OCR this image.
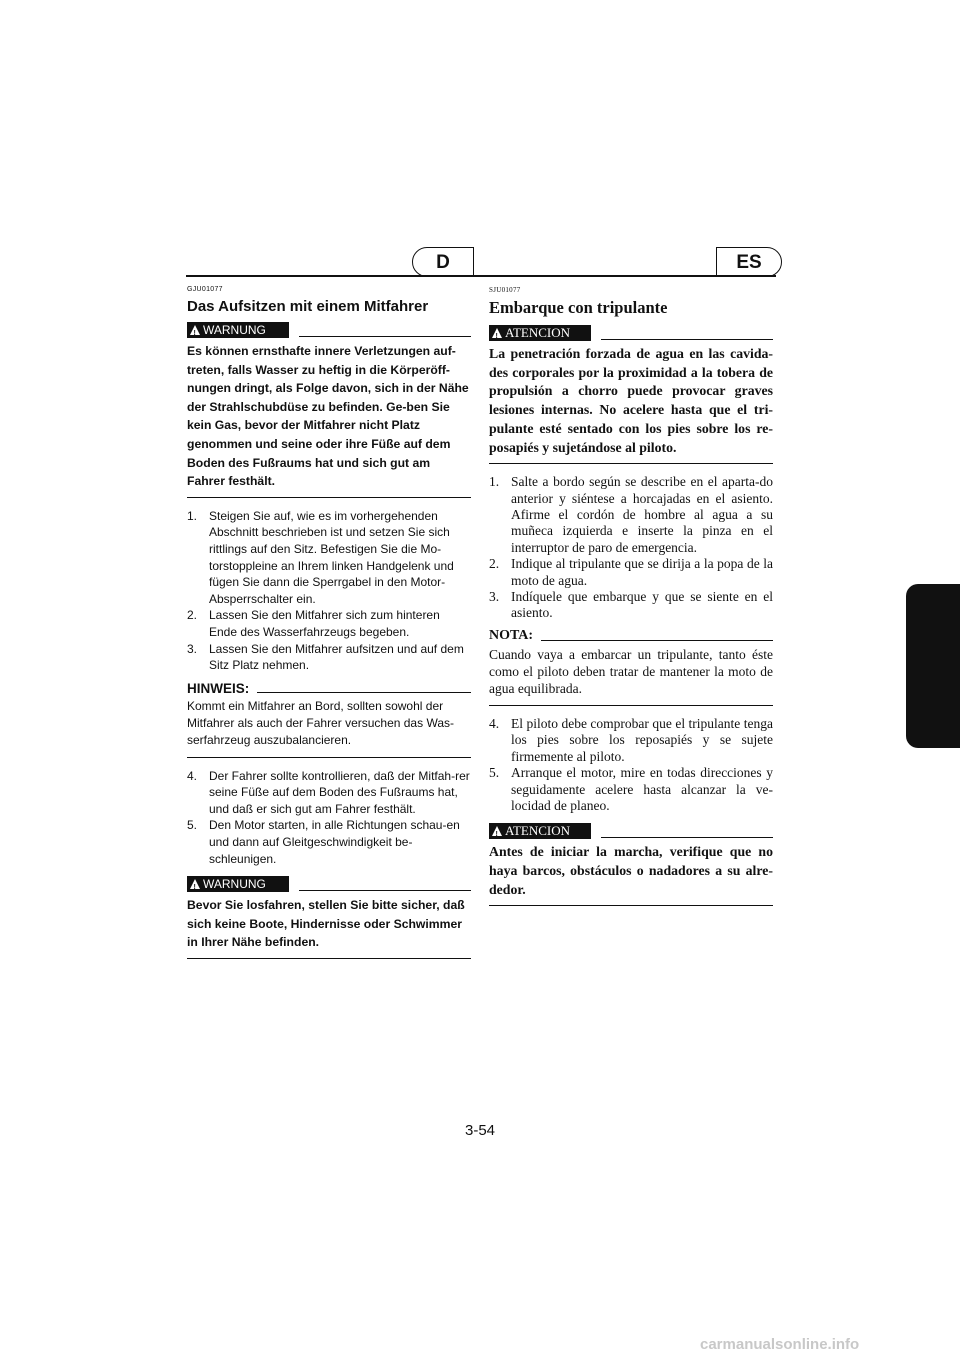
D	ES
GJU01077
Das Aufsitzen mit einem Mitfahrer
!
WARNUNG
Es können ernsthafte innere Verletzungen auf-treten, falls Wasser zu heftig in die Körperöff-nungen dringt, als Folge davon, sich in der Nähe der Strahlschubdüse zu befinden. Ge-ben Sie kein Gas, bevor der Mitfahrer nicht Platz genommen und seine oder ihre Füße auf dem Boden des Fußraums hat und sich gut am Fahrer festhält.
1. Steigen Sie auf, wie es im vorhergehenden Abschnitt beschrieben ist und setzen Sie sich rittlings auf den Sitz. Befestigen Sie die Mo-torstoppleine an Ihrem linken Handgelenk und fügen Sie dann die Sperrgabel in den Motor-Absperrschalter ein.
2. Lassen Sie den Mitfahrer sich zum hinteren Ende des Wasserfahrzeugs begeben.
3. Lassen Sie den Mitfahrer aufsitzen und auf dem Sitz Platz nehmen.
HINWEIS:
Kommt ein Mitfahrer an Bord, sollten sowohl der Mitfahrer als auch der Fahrer versuchen das Was-serfahrzeug auszubalancieren.
4. Der Fahrer sollte kontrollieren, daß der Mitfah-rer seine Füße auf dem Boden des Fußraums hat, und daß er sich gut am Fahrer festhält.
5. Den Motor starten, in alle Richtungen schau-en und dann auf Gleitgeschwindigkeit be-schleunigen.
!
WARNUNG
Bevor Sie losfahren, stellen Sie bitte sicher, daß sich keine Boote, Hindernisse oder Schwimmer in Ihrer Nähe befinden.
SJU01077
Embarque con tripulante
!
ATENCION
La penetración forzada de agua en las cavida-des corporales por la proximidad a la tobera de propulsión a chorro puede provocar graves lesiones internas. No acelere hasta que el tri-pulante esté sentado con los pies sobre los re-posapiés y sujetándose al piloto.
1. Salte a bordo según se describe en el aparta-do anterior y siéntese a horcajadas en el asiento. Afirme el cordón de hombre al agua a su muñeca izquierda e inserte la pinza en el interruptor de paro de emergencia.
2. Indique al tripulante que se dirija a la popa de la moto de agua.
3. Indíquele que embarque y que se siente en el asiento.
NOTA:
Cuando vaya a embarcar un tripulante, tanto éste como el piloto deben tratar de mantener la moto de agua equilibrada.
4. El piloto debe comprobar que el tripulante tenga los pies sobre los reposapiés y se sujete firmemente al piloto.
5. Arranque el motor, mire en todas direcciones y seguidamente acelere hasta alcanzar la ve-locidad de planeo.
!
ATENCION
Antes de iniciar la marcha, verifique que no haya barcos, obstáculos o nadadores a su alre-dedor.
3-54
carmanualsonline.info
